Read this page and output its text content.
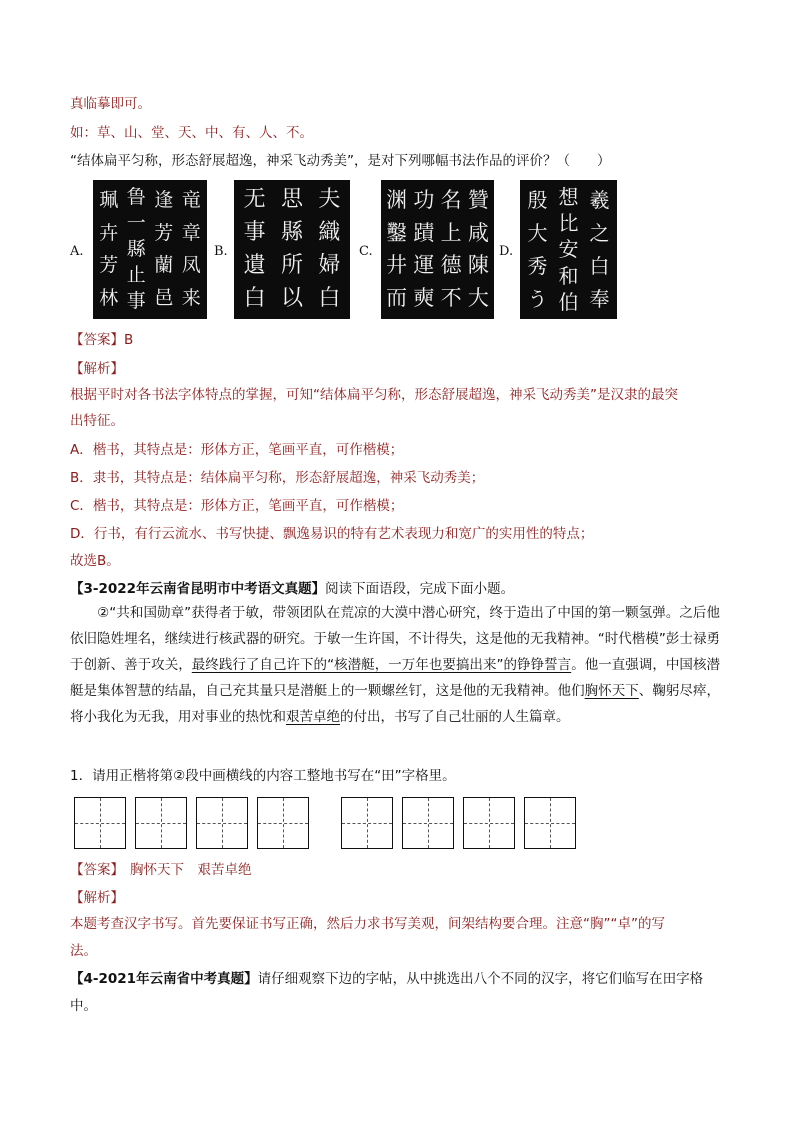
真临摹即可。
如：草、山、堂、天、中、有、人、不。
“结体扁平匀称，形态舒展超逸，神采飞动秀美”，是对下列哪幅书法作品的评价？（　　）
A.
竜
章
凤
来
逢
芳
蘭
邑
鲁
一
縣
止
事
珮
卉
芳
林
B.
夫
織
婦
白
思
縣
所
以
无
事
遺
白
C.
贊
咸
陳
大
名
上
德
不
功
蹟
運
奭
渊
鑿
井
而
D.
羲
之
白
奉
想
比
安
和
伯
殷
大
秀
う
【答案】B
【解析】
根据平时对各书法字体特点的掌握，可知“结体扁平匀称，形态舒展超逸，神采飞动秀美”是汉隶的最突
出特征。
A．楷书，其特点是：形体方正，笔画平直，可作楷模；
B．隶书，其特点是：结体扁平匀称，形态舒展超逸，神采飞动秀美；
C．楷书，其特点是：形体方正，笔画平直，可作楷模；
D．行书，有行云流水、书写快捷、飘逸易识的特有艺术表现力和宽广的实用性的特点；
故选B。
【3-2022年云南省昆明市中考语文真题】阅读下面语段，完成下面小题。
　　②“共和国勋章”获得者于敏，带领团队在荒凉的大漠中潜心研究，终于造出了中国的第一颗氢弹。之后他依旧隐姓埋名，继续进行核武器的研究。于敏一生许国，不计得失，这是他的无我精神。“时代楷模”彭士禄勇于创新、善于攻关，最终践行了自己许下的“核潜艇，一万年也要搞出来”的铮铮誓言。他一直强调，中国核潜艇是集体智慧的结晶，自己充其量只是潜艇上的一颗螺丝钉，这是他的无我精神。他们胸怀天下、鞠躬尽瘁，将小我化为无我，用对事业的热忱和艰苦卓绝的付出，书写了自己壮丽的人生篇章。
1．请用正楷将第②段中画横线的内容工整地书写在“田”字格里。
【答案】 胸怀天下　艰苦卓绝
【解析】
本题考查汉字书写。首先要保证书写正确，然后力求书写美观，间架结构要合理。注意“胸”“卓”的写
法。
【4-2021年云南省中考真题】请仔细观察下边的字帖，从中挑选出八个不同的汉字，将它们临写在田字格
中。
